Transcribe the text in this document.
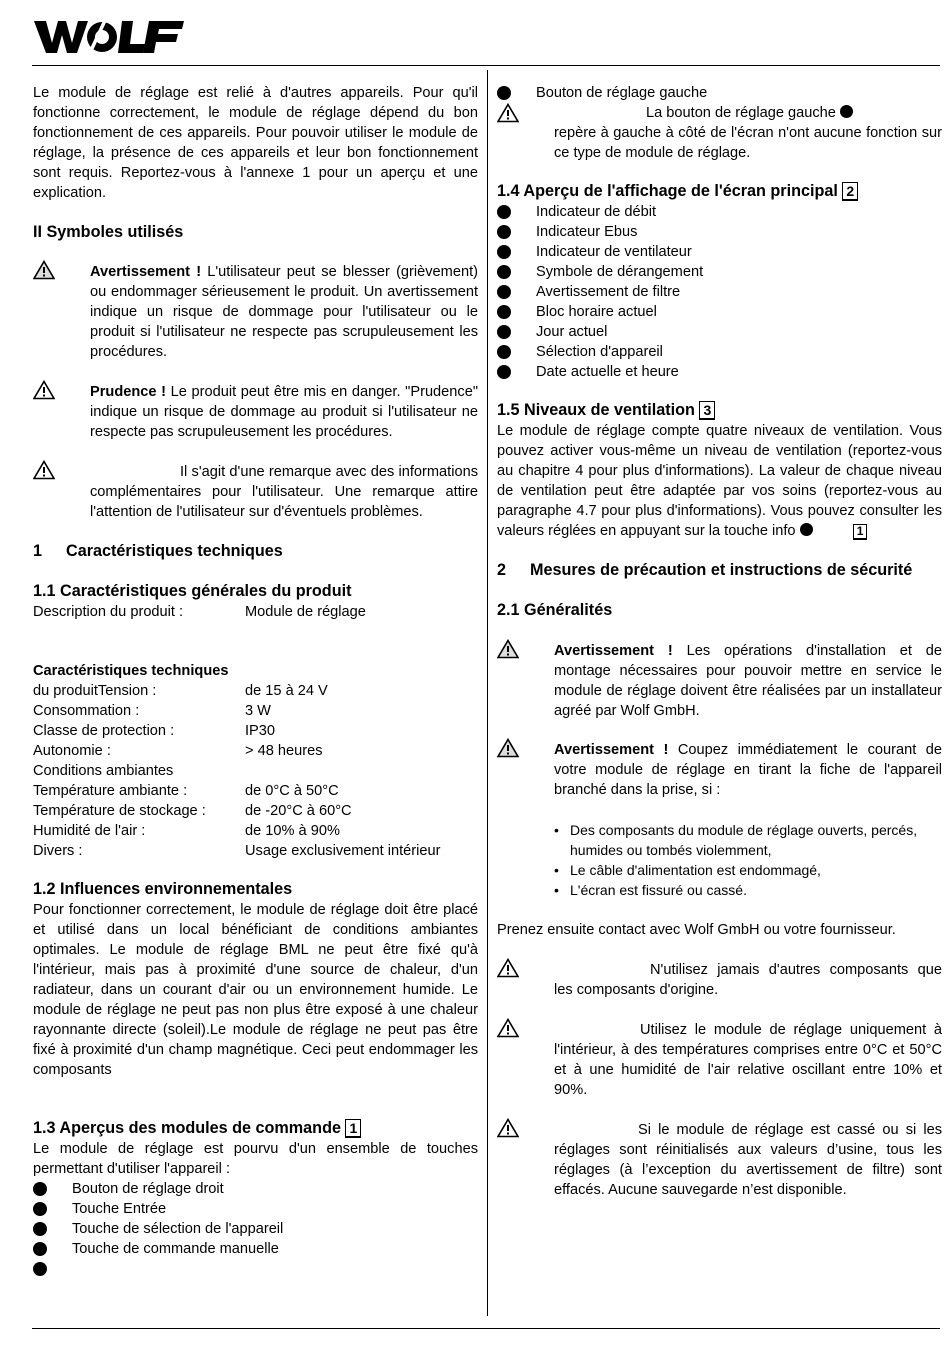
Le module de réglage est relié à d'autres appareils. Pour qu'il fonctionne correctement, le module de réglage dépend du bon fonctionnement de ces appareils. Pour pouvoir utiliser le module de réglage, la présence de ces appareils et leur bon fonctionnement sont requis. Reportez-vous à l'annexe 1 pour un aperçu et une explication.

II Symboles utilisés

Avertissement ! L'utilisateur peut se blesser (grièvement) ou endommager sérieusement le produit. Un avertissement indique un risque de dommage pour l'utilisateur ou le produit si l'utilisateur ne respecte pas scrupuleusement les procédures.

Prudence ! Le produit peut être mis en danger. "Prudence" indique un risque de dommage au produit si l'utilisateur ne respecte pas scrupuleusement les procédures.

Il s'agit d'une remarque avec des informations complémentaires pour l'utilisateur. Une remarque attire l'attention de l'utilisateur sur d'éventuels problèmes.

1 Caractéristiques techniques

1.1 Caractéristiques générales du produit

Description du produit :	Module de réglage

Caractéristiques techniques

du produitTension :	de 15 à 24 V
Consommation :	3 W
Classe de protection :	IP30
Autonomie :	> 48 heures
Conditions ambiantes
Température ambiante :	de 0°C à 50°C
Température de stockage :	de -20°C à 60°C
Humidité de l'air :	de 10% à 90%
Divers :	Usage exclusivement intérieur

1.2 Influences environnementales

Pour fonctionner correctement, le module de réglage doit être placé et utilisé dans un local bénéficiant de conditions ambiantes optimales. Le module de réglage BML ne peut être fixé qu'à l'intérieur, mais pas à proximité d'une source de chaleur, d'un radiateur, dans un courant d'air ou un environnement humide. Le module de réglage ne peut pas non plus être exposé à une chaleur rayonnante directe (soleil).Le module de réglage ne peut pas être fixé à proximité d'un champ magnétique. Ceci peut endommager les composants

1.3 Aperçus des modules de commande 1

Le module de réglage est pourvu d'un ensemble de touches permettant d'utiliser l'appareil :

Bouton de réglage droit
Touche Entrée
Touche de sélection de l'appareil
Touche de commande manuelle
Bouton de réglage gauche

La bouton de réglage gauche
repère à gauche à côté de l'écran n'ont aucune fonction sur ce type de module de réglage.

1.4 Aperçu de l'affichage de l'écran principal 2

Indicateur de débit
Indicateur Ebus
Indicateur de ventilateur
Symbole de dérangement
Avertissement de filtre
Bloc horaire actuel
Jour actuel
Sélection d'appareil
Date actuelle et heure

1.5 Niveaux de ventilation 3

Le module de réglage compte quatre niveaux de ventilation. Vous pouvez activer vous-même un niveau de ventilation (reportez-vous au chapitre 4 pour plus d'informations). La valeur de chaque niveau de ventilation peut être adaptée par vos soins (reportez-vous au paragraphe 4.7 pour plus d'informations). Vous pouvez consulter les valeurs réglées en appuyant sur la touche info	1

2	Mesures de précaution et instructions de sécurité

2.1 Généralités

Avertissement ! Les opérations d'installation et de montage nécessaires pour pouvoir mettre en service le module de réglage doivent être réalisées par un installateur agréé par Wolf GmbH.

Avertissement ! Coupez immédiatement le courant de votre module de réglage en tirant la fiche de l'appareil branché dans la prise, si :

• Des composants du module de réglage ouverts, percés, humides ou tombés violemment,
• Le câble d'alimentation est endommagé,
• L'écran est fissuré ou cassé.

Prenez ensuite contact avec Wolf GmbH ou votre fournisseur.

N'utilisez jamais d'autres composants que les composants d'origine.

Utilisez le module de réglage uniquement à l'intérieur, à des températures comprises entre 0°C et 50°C et à une humidité de l'air relative oscillant entre 10% et 90%.

Si le module de réglage est cassé ou si les réglages sont réinitialisés aux valeurs d’usine, tous les réglages (à l’exception du avertissement de filtre) sont effacés. Aucune sauvegarde n’est disponible.
